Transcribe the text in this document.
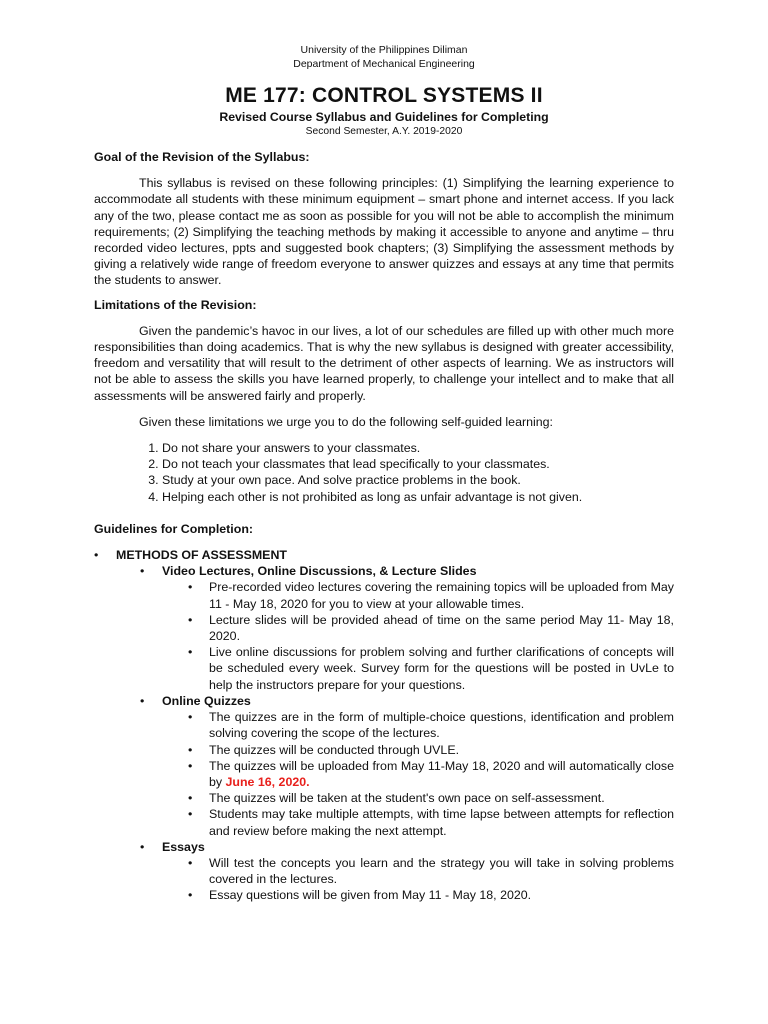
University of the Philippines Diliman
Department of Mechanical Engineering
ME 177: CONTROL SYSTEMS II
Revised Course Syllabus and Guidelines for Completing
Second Semester, A.Y. 2019-2020

Goal of the Revision of the Syllabus:

This syllabus is revised on these following principles: (1) Simplifying the learning experience to accommodate all students with these minimum equipment – smart phone and internet access. If you lack any of the two, please contact me as soon as possible for you will not be able to accomplish the minimum requirements; (2) Simplifying the teaching methods by making it accessible to anyone and anytime – thru recorded video lectures, ppts and suggested book chapters; (3) Simplifying the assessment methods by giving a relatively wide range of freedom everyone to answer quizzes and essays at any time that permits the students to answer.

Limitations of the Revision:

Given the pandemic’s havoc in our lives, a lot of our schedules are filled up with other much more responsibilities than doing academics. That is why the new syllabus is designed with greater accessibility, freedom and versatility that will result to the detriment of other aspects of learning. We as instructors will not be able to assess the skills you have learned properly, to challenge your intellect and to make that all assessments will be answered fairly and properly.

Given these limitations we urge you to do the following self-guided learning:

1. Do not share your answers to your classmates.
2. Do not teach your classmates that lead specifically to your classmates.
3. Study at your own pace. And solve practice problems in the book.
4. Helping each other is not prohibited as long as unfair advantage is not given.

Guidelines for Completion:

• METHODS OF ASSESSMENT
• Video Lectures, Online Discussions, & Lecture Slides
• Pre-recorded video lectures covering the remaining topics will be uploaded from May 11 - May 18, 2020 for you to view at your allowable times.
• Lecture slides will be provided ahead of time on the same period May 11- May 18, 2020.
• Live online discussions for problem solving and further clarifications of concepts will be scheduled every week. Survey form for the questions will be posted in UvLe to help the instructors prepare for your questions.
• Online Quizzes
• The quizzes are in the form of multiple-choice questions, identification and problem solving covering the scope of the lectures.
• The quizzes will be conducted through UVLE.
• The quizzes will be uploaded from May 11-May 18, 2020 and will automatically close by June 16, 2020.
• The quizzes will be taken at the student's own pace on self-assessment.
• Students may take multiple attempts, with time lapse between attempts for reflection and review before making the next attempt.
• Essays
• Will test the concepts you learn and the strategy you will take in solving problems covered in the lectures.
• Essay questions will be given from May 11 - May 18, 2020.
